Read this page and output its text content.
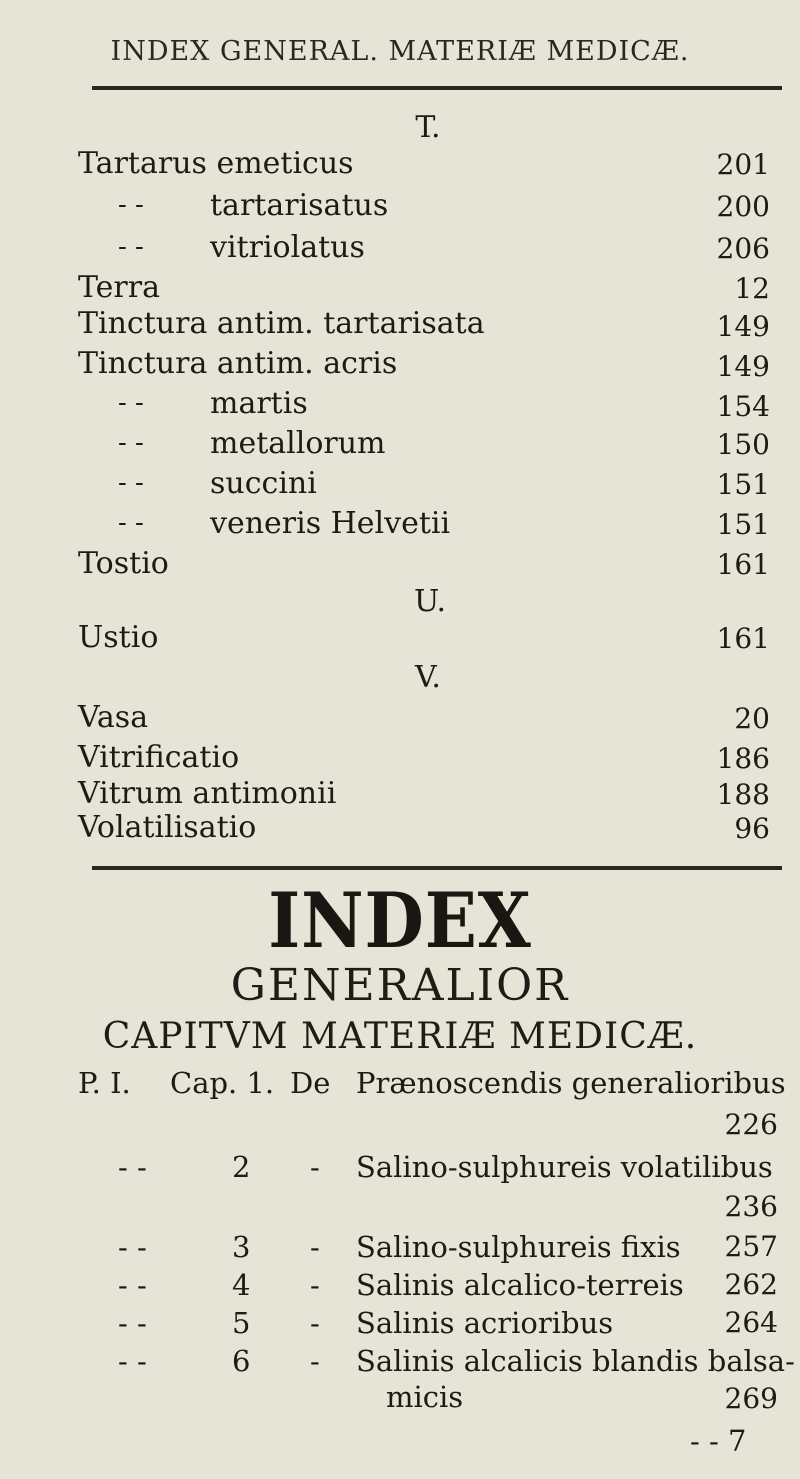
INDEX GENERAL. MATERIÆ MEDICÆ.
T.
Tartarus emeticus	201
- - tartarisatus	200
- - vitriolatus	206
Terra	12
Tinctura antim. tartarisata	149
Tinctura antim. acris	149
- - martis	154
- - metallorum	150
- - succini	151
- - veneris Helvetii	151
Tostio	161
U.
Ustio	161
V.
Vasa	20
Vitrificatio	186
Vitrum antimonii	188
Volatilisatio	96
INDEX
GENERALIOR
CAPITVM MATERIÆ MEDICÆ.
P. I. Cap. 1. De Prænoscendis generalioribus
226
- -	2 - Salino-sulphureis volatilibus
236
- -	3 - Salino-sulphureis fixis	257
- -	4 - Salinis alcalico-terreis	262
- -	5 - Salinis acrioribus	264
- -	6 - Salinis alcalicis blandis balsa-
micis	269
- - 7
